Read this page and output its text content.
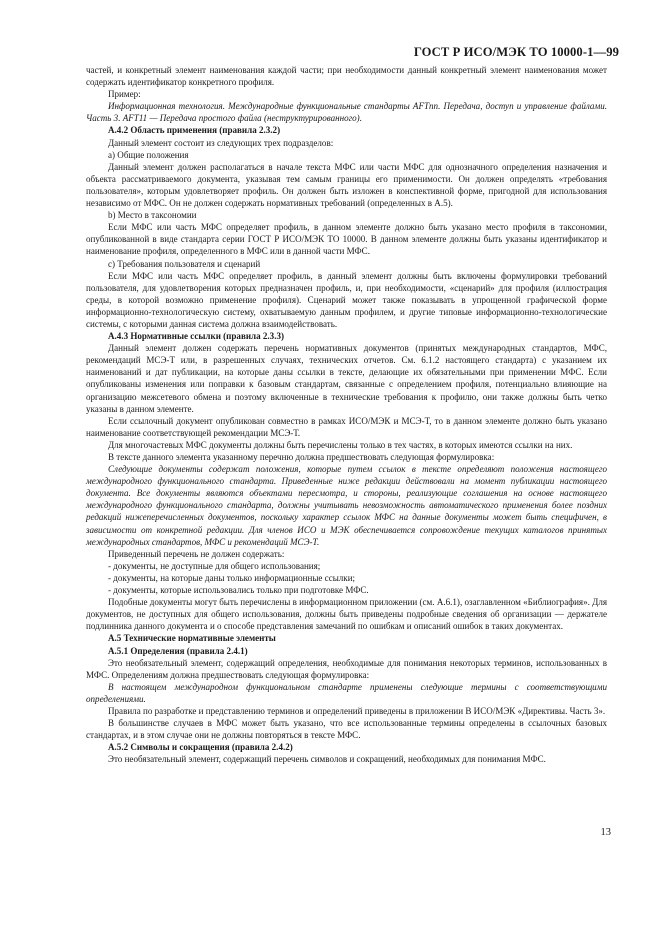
ГОСТ Р ИСО/МЭК ТО 10000-1—99

частей, и конкретный элемент наименования каждой части; при необходимости данный конкретный элемент наименования может содержать идентификатор конкретного профиля.

Пример:

Информационная технология. Международные функциональные стандарты AFTnn. Передача, доступ и управление файлами. Часть 3. AFT11 — Передача простого файла (неструктурированного).

А.4.2 Область применения (правила 2.3.2)

Данный элемент состоит из следующих трех подразделов:

a) Общие положения

Данный элемент должен располагаться в начале текста МФС или части МФС для однозначного определения назначения и объекта рассматриваемого документа, указывая тем самым границы его применимости. Он должен определять «требования пользователя», которым удовлетворяет профиль. Он должен быть изложен в конспективной форме, пригодной для использования независимо от МФС. Он не должен содержать нормативных требований (определенных в А.5).

b) Место в таксономии

Если МФС или часть МФС определяет профиль, в данном элементе должно быть указано место профиля в таксономии, опубликованной в виде стандарта серии ГОСТ Р ИСО/МЭК ТО 10000. В данном элементе должны быть указаны идентификатор и наименование профиля, определенного в МФС или в данной части МФС.

c) Требования пользователя и сценарий

Если МФС или часть МФС определяет профиль, в данный элемент должны быть включены формулировки требований пользователя, для удовлетворения которых предназначен профиль, и, при необходимости, «сценарий» для профиля (иллюстрация среды, в которой возможно применение профиля). Сценарий может также показывать в упрощенной графической форме информационно-технологическую систему, охватываемую данным профилем, и другие типовые информационно-технологические системы, с которыми данная система должна взаимодействовать.

А.4.3 Нормативные ссылки (правила 2.3.3)

Данный элемент должен содержать перечень нормативных документов (принятых международных стандартов, МФС, рекомендаций МСЭ-Т или, в разрешенных случаях, технических отчетов. См. 6.1.2 настоящего стандарта) с указанием их наименований и дат публикации, на которые даны ссылки в тексте, делающие их обязательными при применении МФС. Если опубликованы изменения или поправки к базовым стандартам, связанные с определением профиля, потенциально влияющие на организацию межсетевого обмена и поэтому включенные в технические требования к профилю, они также должны быть четко указаны в данном элементе.

Если ссылочный документ опубликован совместно в рамках ИСО/МЭК и МСЭ-Т, то в данном элементе должно быть указано наименование соответствующей рекомендации МСЭ-Т.

Для многочастевых МФС документы должны быть перечислены только в тех частях, в которых имеются ссылки на них.

В тексте данного элемента указанному перечню должна предшествовать следующая формулировка:

Следующие документы содержат положения, которые путем ссылок в тексте определяют положения настоящего международного функционального стандарта. Приведенные ниже редакции действовали на момент публикации настоящего документа. Все документы являются объектами пересмотра, и стороны, реализующие соглашения на основе настоящего международного функционального стандарта, должны учитывать невозможность автоматического применения более поздних редакций нижеперечисленных документов, поскольку характер ссылок МФС на данные документы может быть специфичен, в зависимости от конкретной редакции. Для членов ИСО и МЭК обеспечивается сопровождение текущих каталогов принятых международных стандартов, МФС и рекомендаций МСЭ-Т.

Приведенный перечень не должен содержать:

- документы, не доступные для общего использования;

- документы, на которые даны только информационные ссылки;

- документы, которые использовались только при подготовке МФС.

Подобные документы могут быть перечислены в информационном приложении (см. А.6.1), озаглавленном «Библиография». Для документов, не доступных для общего использования, должны быть приведены подробные сведения об организации — держателе подлинника данного документа и о способе представления замечаний по ошибкам и описаний ошибок в таких документах.

А.5 Технические нормативные элементы

А.5.1 Определения (правила 2.4.1)

Это необязательный элемент, содержащий определения, необходимые для понимания некоторых терминов, использованных в МФС. Определениям должна предшествовать следующая формулировка:

В настоящем международном функциональном стандарте применены следующие термины с соответствующими определениями.

Правила по разработке и представлению терминов и определений приведены в приложении В ИСО/МЭК «Директивы. Часть 3».

В большинстве случаев в МФС может быть указано, что все использованные термины определены в ссылочных базовых стандартах, и в этом случае они не должны повторяться в тексте МФС.

А.5.2 Символы и сокращения (правила 2.4.2)

Это необязательный элемент, содержащий перечень символов и сокращений, необходимых для понимания МФС.

13
